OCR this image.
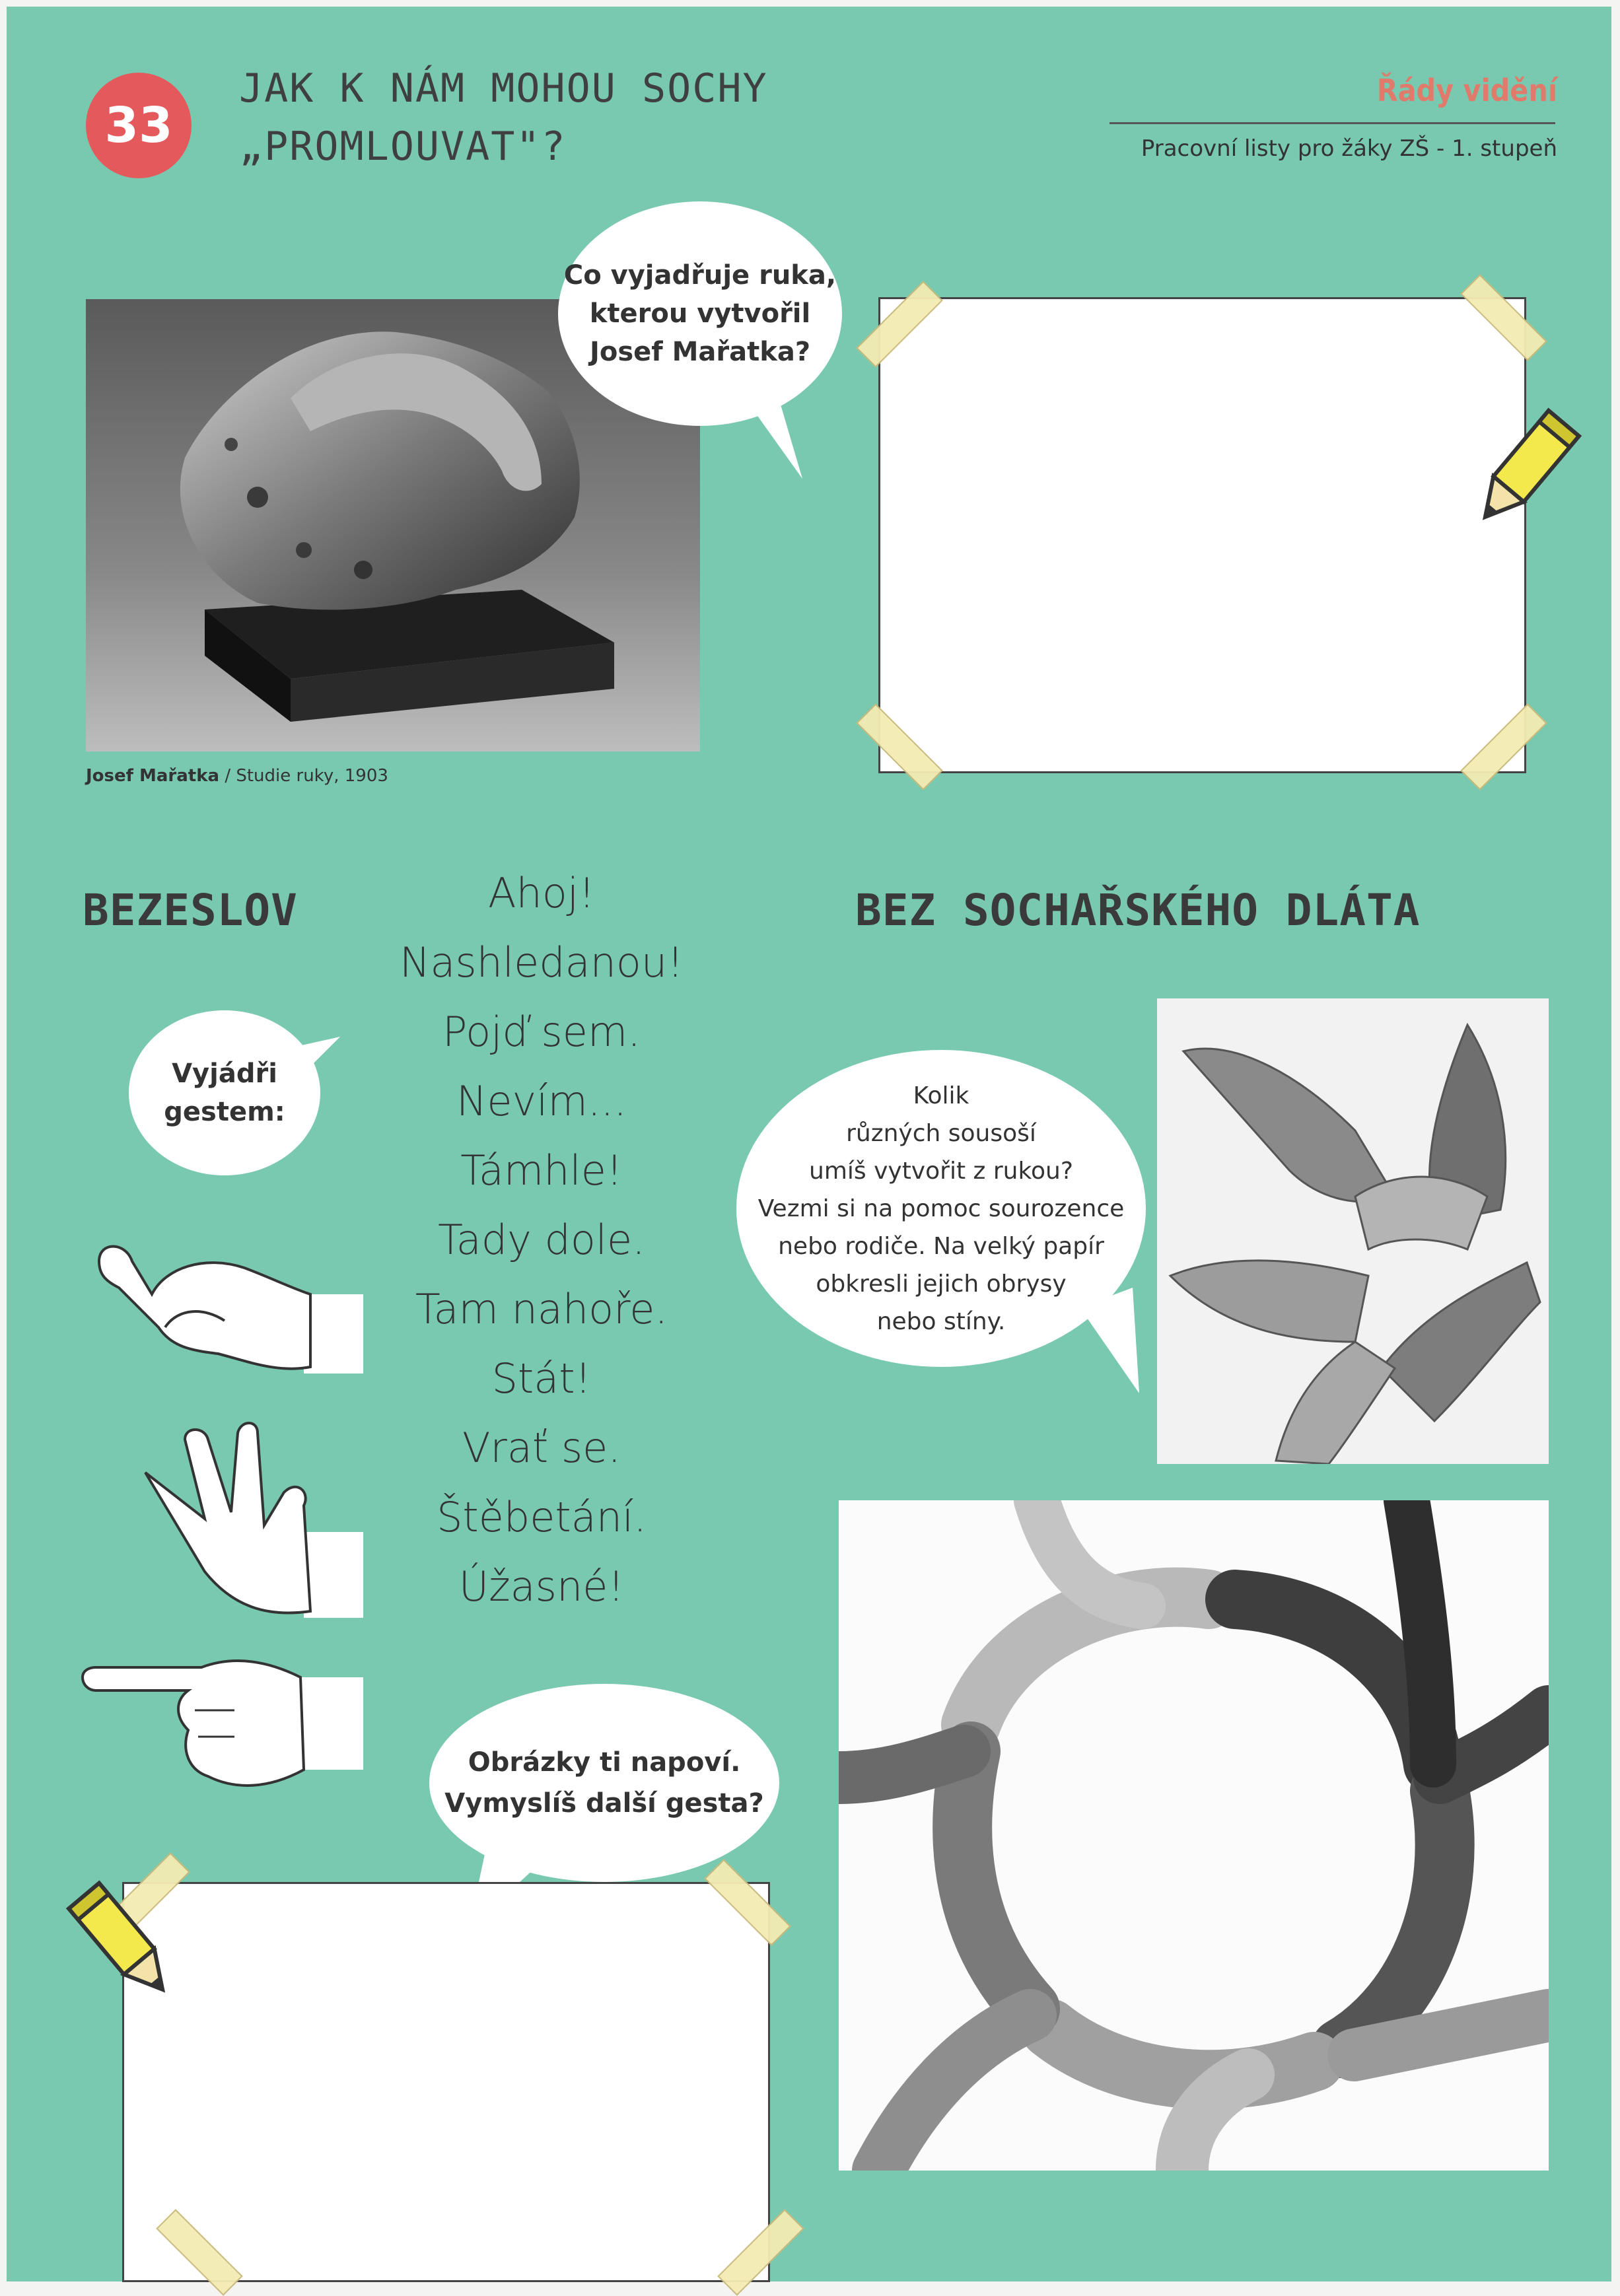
33
JAK K NÁM MOHOU SOCHY
„PROMLOUVAT"?
Řády vidění
Pracovní listy pro žáky ZŠ - 1. stupeň
Josef Mařatka / Studie ruky, 1903
Co vyjadřuje ruka,
kterou vytvořil
Josef Mařatka?
BEZESLOV
Vyjádři
gestem:
Ahoj!
Nashledanou!
Pojď sem.
Nevím...
Támhle!
Tady dole.
Tam nahoře.
Stát!
Vrať se.
Štěbetání.
Úžasné!
Obrázky ti napoví.
Vymyslíš další gesta?
BEZ SOCHAŘSKÉHO DLÁTA
Kolik
různých sousoší
umíš vytvořit z rukou?
Vezmi si na pomoc sourozence
nebo rodiče. Na velký papír
obkresli jejich obrysy
nebo stíny.
